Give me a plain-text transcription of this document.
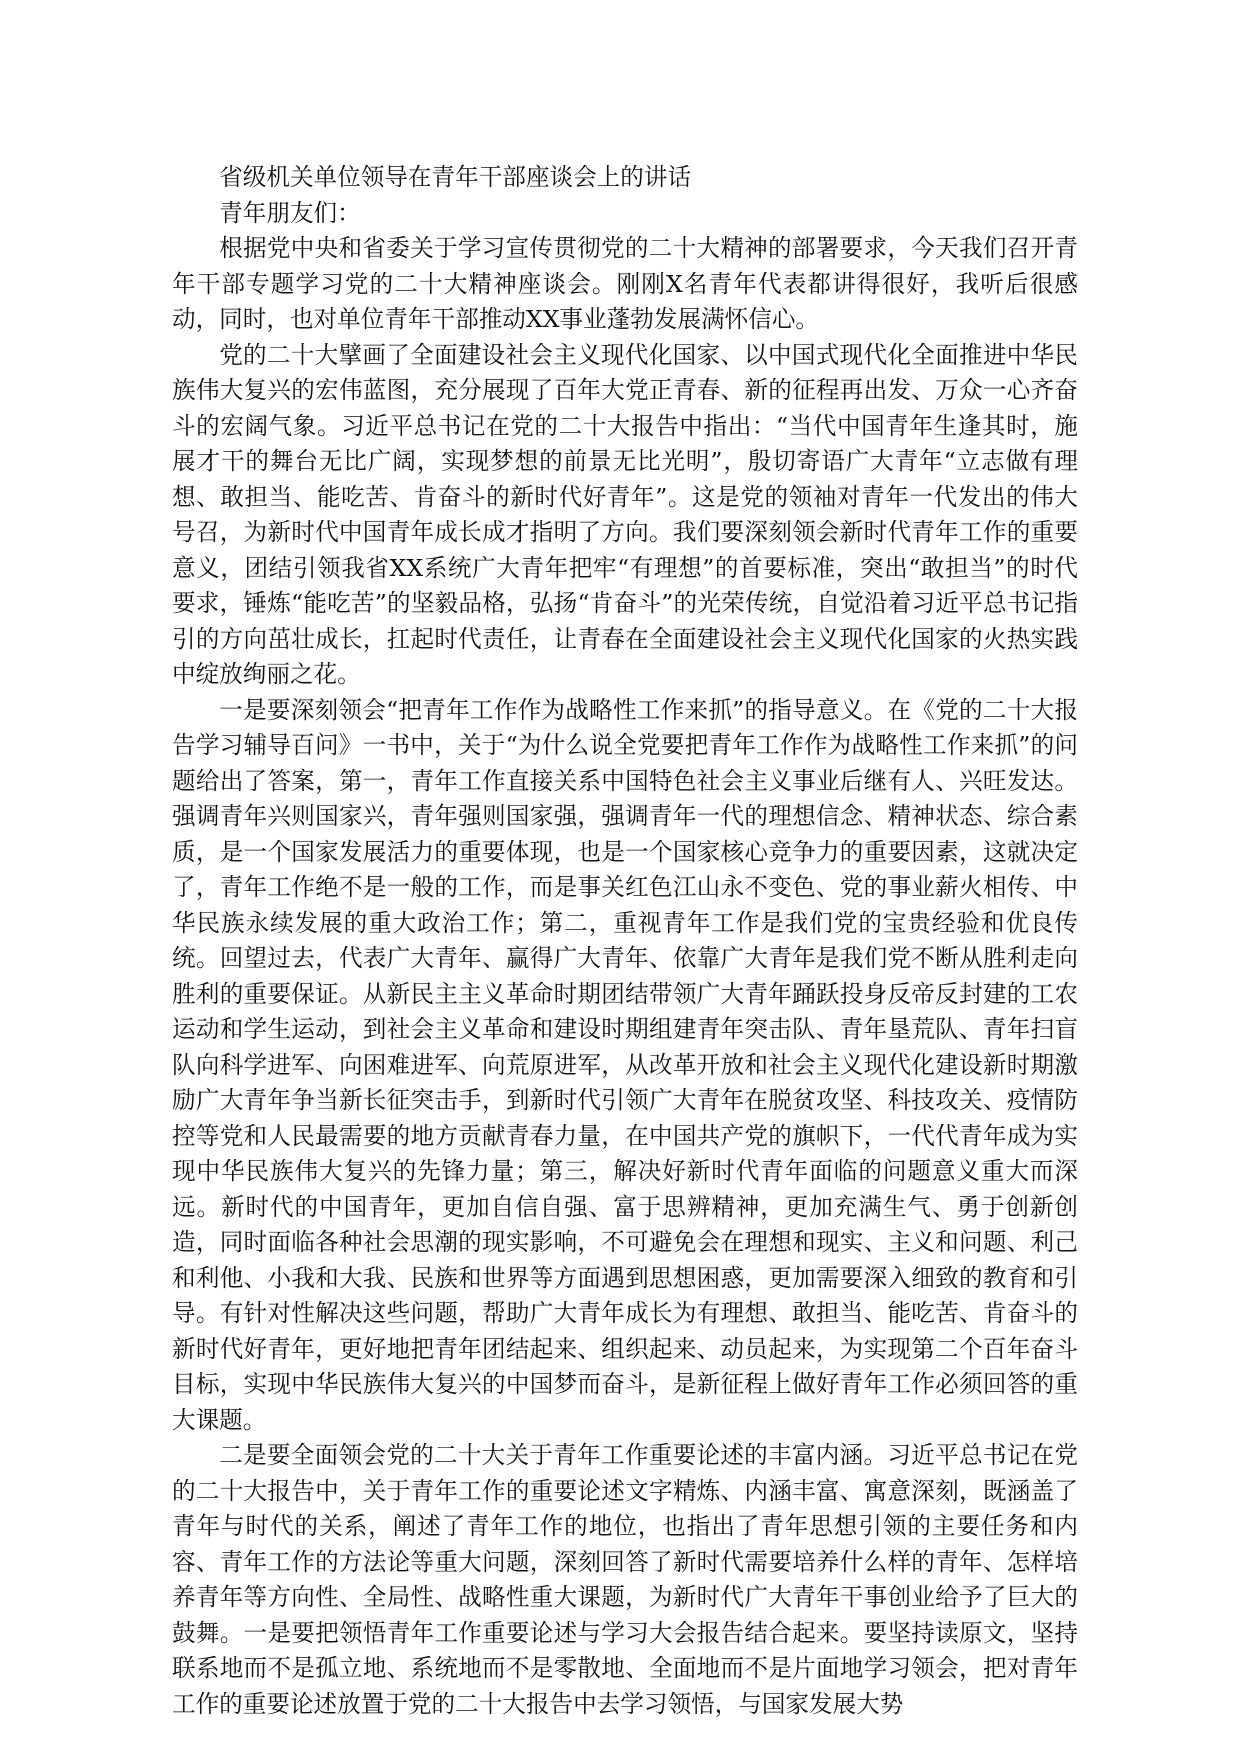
省级机关单位领导在青年干部座谈会上的讲话

青年朋友们：

根据党中央和省委关于学习宣传贯彻党的二十大精神的部署要求，今天我们召开青年干部专题学习党的二十大精神座谈会。刚刚X名青年代表都讲得很好，我听后很感动，同时，也对单位青年干部推动XX事业蓬勃发展满怀信心。

党的二十大擘画了全面建设社会主义现代化国家、以中国式现代化全面推进中华民族伟大复兴的宏伟蓝图，充分展现了百年大党正青春、新的征程再出发、万众一心齐奋斗的宏阔气象。习近平总书记在党的二十大报告中指出：“当代中国青年生逢其时，施展才干的舞台无比广阔，实现梦想的前景无比光明”，殷切寄语广大青年“立志做有理想、敢担当、能吃苦、肯奋斗的新时代好青年”。这是党的领袖对青年一代发出的伟大号召，为新时代中国青年成长成才指明了方向。我们要深刻领会新时代青年工作的重要意义，团结引领我省XX系统广大青年把牢“有理想”的首要标准，突出“敢担当”的时代要求，锤炼“能吃苦”的坚毅品格，弘扬“肯奋斗”的光荣传统，自觉沿着习近平总书记指引的方向茁壮成长，扛起时代责任，让青春在全面建设社会主义现代化国家的火热实践中绽放绚丽之花。

一是要深刻领会“把青年工作作为战略性工作来抓”的指导意义。在《党的二十大报告学习辅导百问》一书中，关于“为什么说全党要把青年工作作为战略性工作来抓”的问题给出了答案，第一，青年工作直接关系中国特色社会主义事业后继有人、兴旺发达。强调青年兴则国家兴，青年强则国家强，强调青年一代的理想信念、精神状态、综合素质，是一个国家发展活力的重要体现，也是一个国家核心竞争力的重要因素，这就决定了，青年工作绝不是一般的工作，而是事关红色江山永不变色、党的事业薪火相传、中华民族永续发展的重大政治工作；第二，重视青年工作是我们党的宝贵经验和优良传统。回望过去，代表广大青年、赢得广大青年、依靠广大青年是我们党不断从胜利走向胜利的重要保证。从新民主主义革命时期团结带领广大青年踊跃投身反帝反封建的工农运动和学生运动，到社会主义革命和建设时期组建青年突击队、青年垦荒队、青年扫盲队向科学进军、向困难进军、向荒原进军，从改革开放和社会主义现代化建设新时期激励广大青年争当新长征突击手，到新时代引领广大青年在脱贫攻坚、科技攻关、疫情防控等党和人民最需要的地方贡献青春力量，在中国共产党的旗帜下，一代代青年成为实现中华民族伟大复兴的先锋力量；第三，解决好新时代青年面临的问题意义重大而深远。新时代的中国青年，更加自信自强、富于思辨精神，更加充满生气、勇于创新创造，同时面临各种社会思潮的现实影响，不可避免会在理想和现实、主义和问题、利己和利他、小我和大我、民族和世界等方面遇到思想困惑，更加需要深入细致的教育和引导。有针对性解决这些问题，帮助广大青年成长为有理想、敢担当、能吃苦、肯奋斗的新时代好青年，更好地把青年团结起来、组织起来、动员起来，为实现第二个百年奋斗目标，实现中华民族伟大复兴的中国梦而奋斗，是新征程上做好青年工作必须回答的重大课题。

二是要全面领会党的二十大关于青年工作重要论述的丰富内涵。习近平总书记在党的二十大报告中，关于青年工作的重要论述文字精炼、内涵丰富、寓意深刻，既涵盖了青年与时代的关系，阐述了青年工作的地位，也指出了青年思想引领的主要任务和内容、青年工作的方法论等重大问题，深刻回答了新时代需要培养什么样的青年、怎样培养青年等方向性、全局性、战略性重大课题，为新时代广大青年干事创业给予了巨大的鼓舞。一是要把领悟青年工作重要论述与学习大会报告结合起来。要坚持读原文，坚持联系地而不是孤立地、系统地而不是零散地、全面地而不是片面地学习领会，把对青年工作的重要论述放置于党的二十大报告中去学习领悟，与国家发展大势
